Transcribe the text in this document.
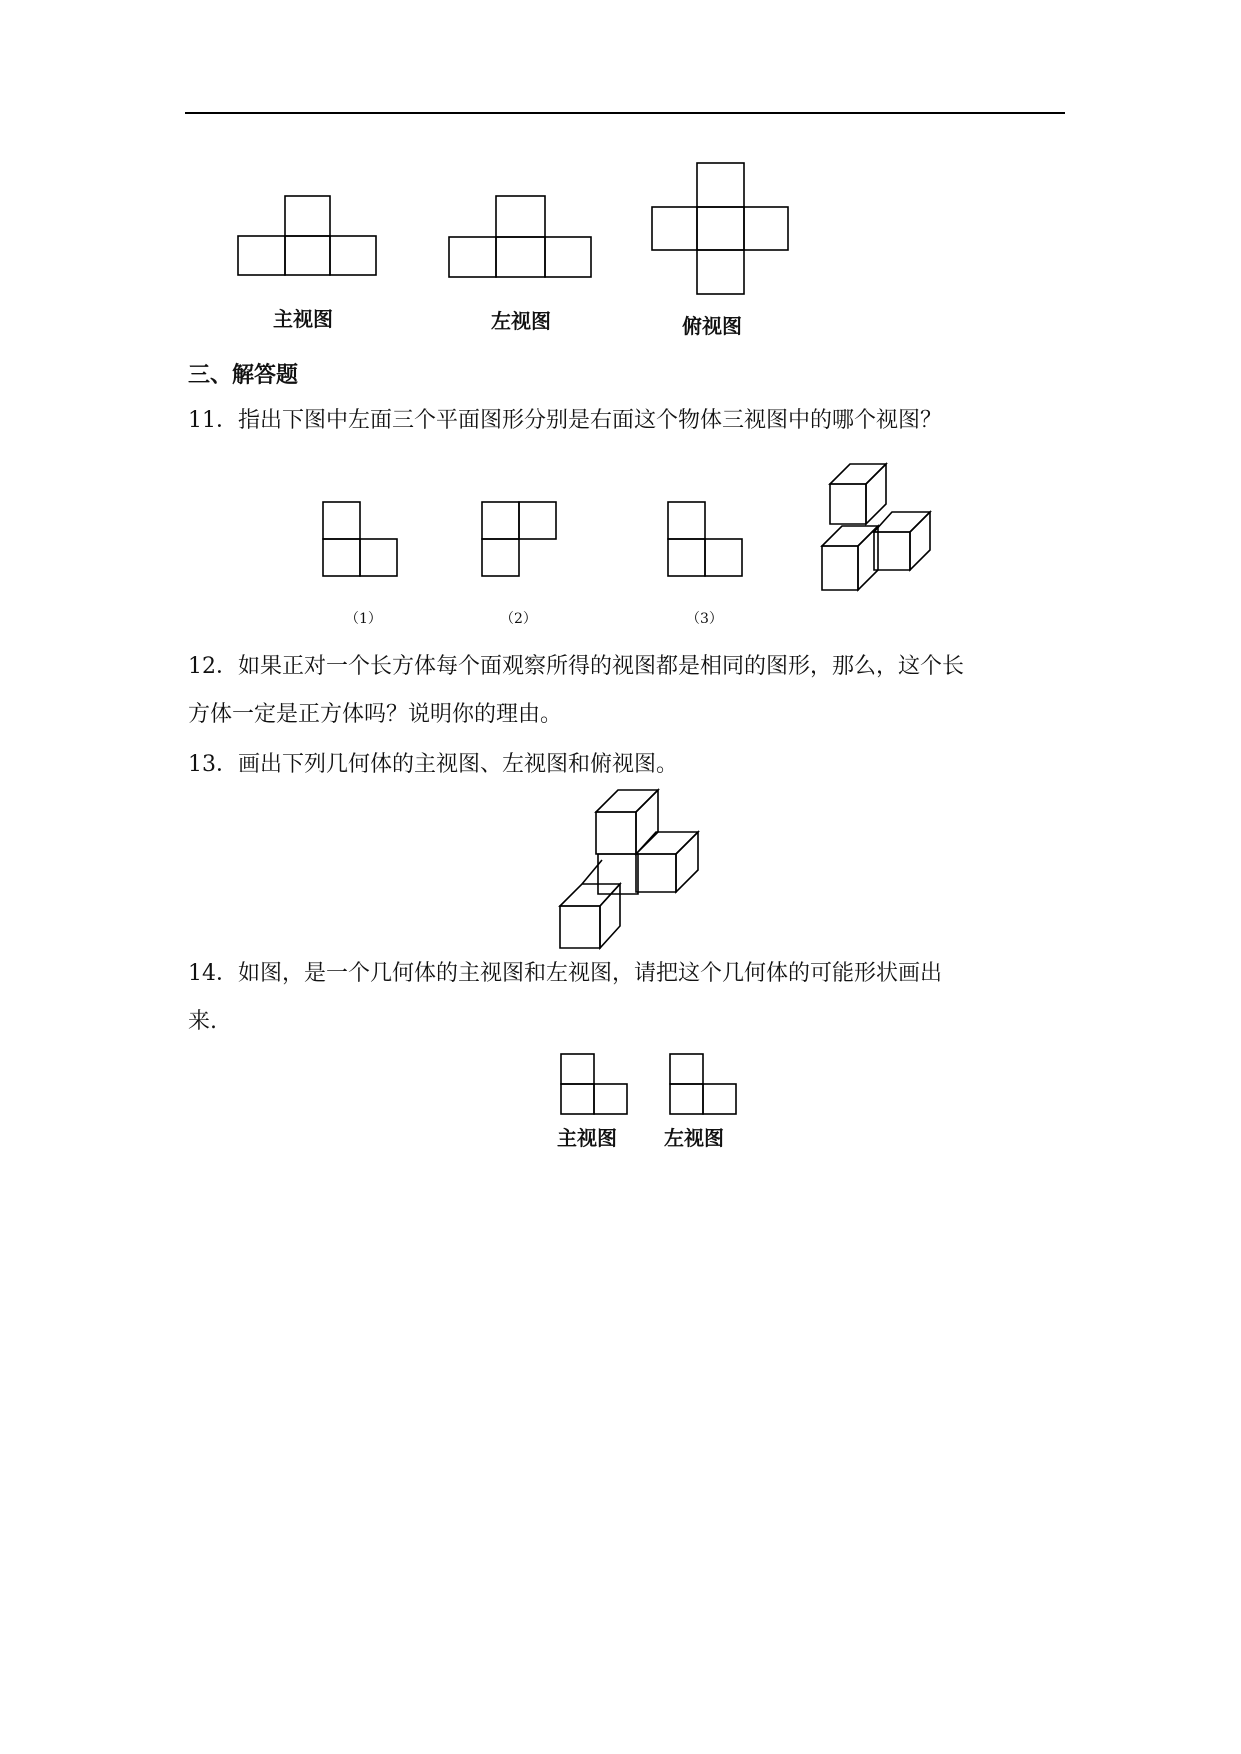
主视图	左视图	俯视图
三、解答题
11．指出下图中左面三个平面图形分别是右面这个物体三视图中的哪个视图？
（1）	（2）	（3）
12．如果正对一个长方体每个面观察所得的视图都是相同的图形，那么，这个长
方体一定是正方体吗？说明你的理由。
13．画出下列几何体的主视图、左视图和俯视图。
14．如图，是一个几何体的主视图和左视图，请把这个几何体的可能形状画出
来.
主视图 左视图
